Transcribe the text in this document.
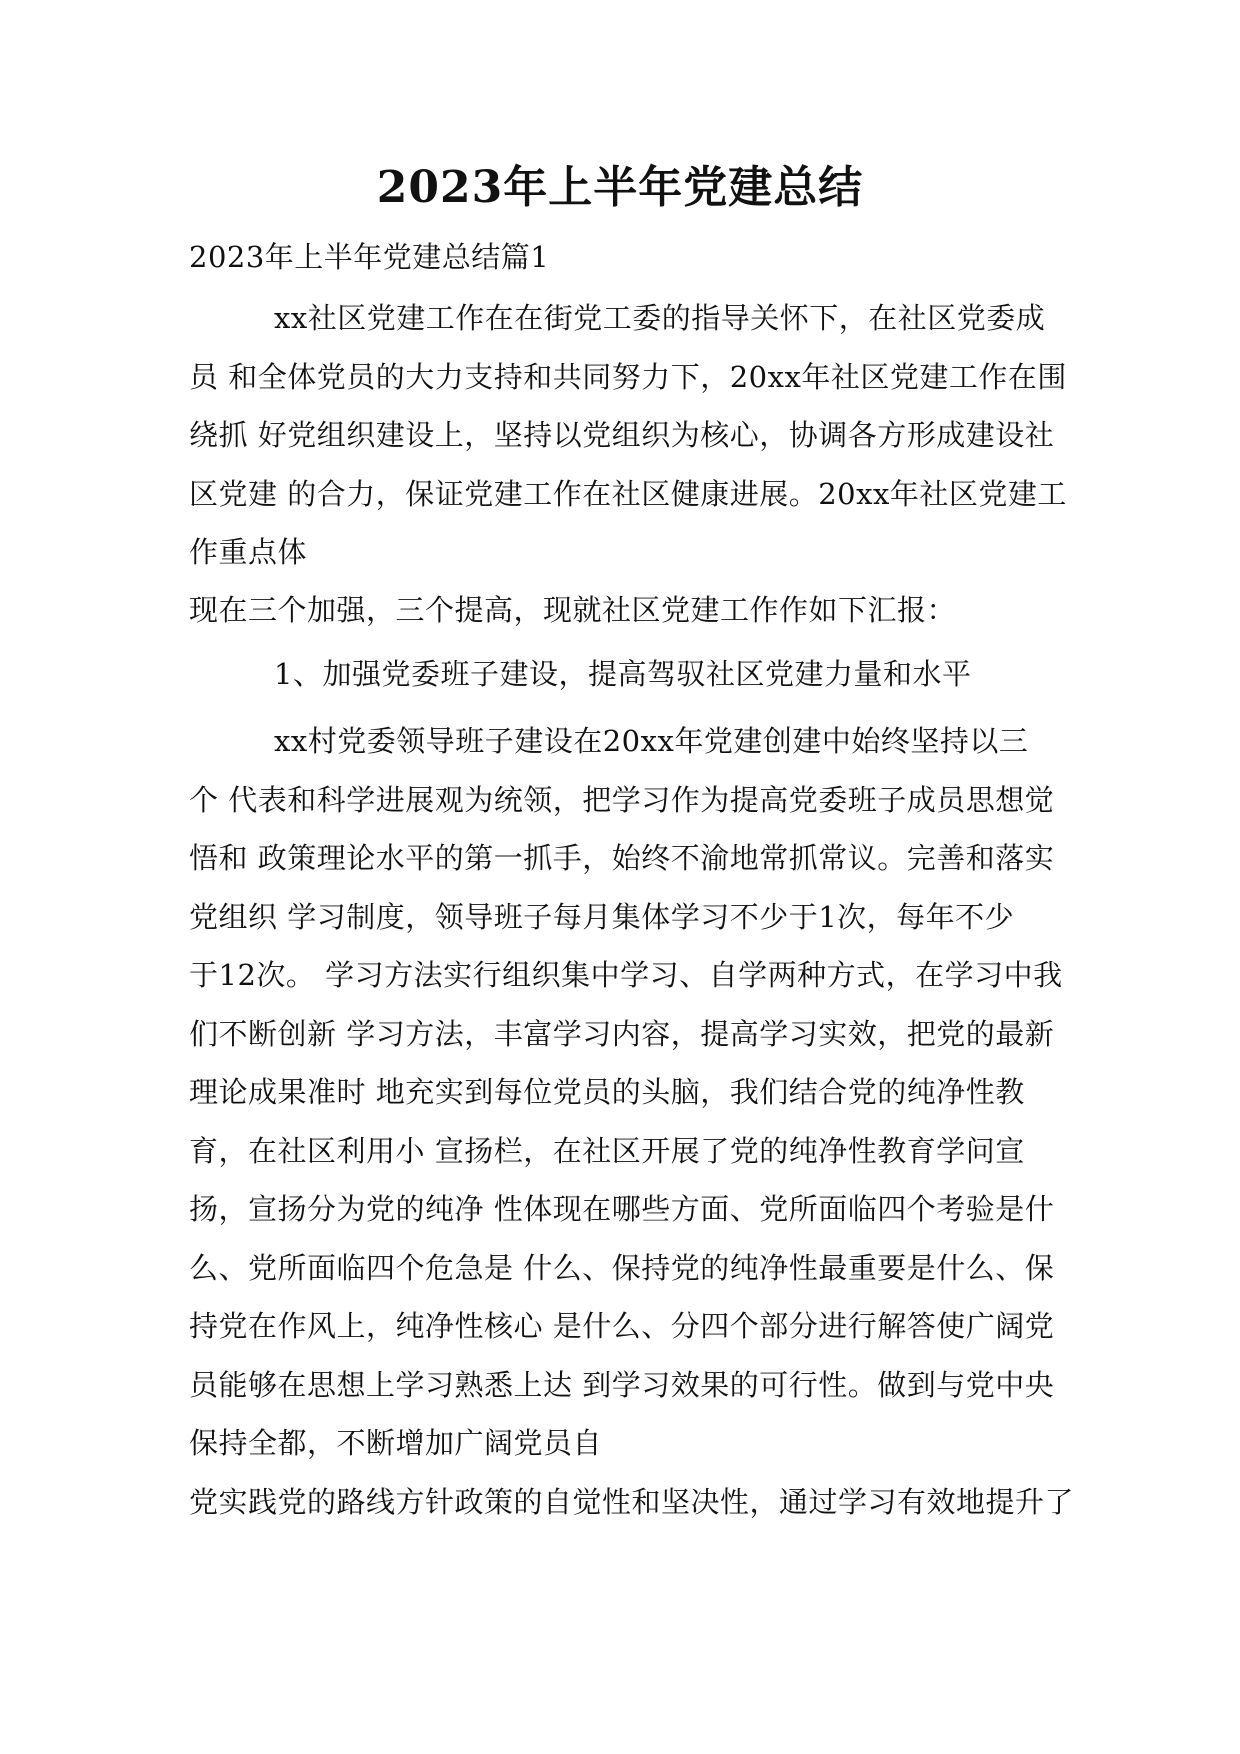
2023年上半年党建总结
2023年上半年党建总结篇1
xx社区党建工作在在街党工委的指导关怀下，在社区党委成
员 和全体党员的大力支持和共同努力下，20xx年社区党建工作在围
绕抓 好党组织建设上，坚持以党组织为核心，协调各方形成建设社
区党建 的合力，保证党建工作在社区健康进展。20xx年社区党建工
作重点体
现在三个加强，三个提高，现就社区党建工作作如下汇报：
1、加强党委班子建设，提高驾驭社区党建力量和水平
xx村党委领导班子建设在20xx年党建创建中始终坚持以三
个 代表和科学进展观为统领，把学习作为提高党委班子成员思想觉
悟和 政策理论水平的第一抓手，始终不渝地常抓常议。完善和落实
党组织 学习制度，领导班子每月集体学习不少于1次，每年不少
于12次。 学习方法实行组织集中学习、自学两种方式，在学习中我
们不断创新 学习方法，丰富学习内容，提高学习实效，把党的最新
理论成果准时 地充实到每位党员的头脑，我们结合党的纯净性教
育，在社区利用小 宣扬栏，在社区开展了党的纯净性教育学问宣
扬，宣扬分为党的纯净 性体现在哪些方面、党所面临四个考验是什
么、党所面临四个危急是 什么、保持党的纯净性最重要是什么、保
持党在作风上，纯净性核心 是什么、分四个部分进行解答使广阔党
员能够在思想上学习熟悉上达 到学习效果的可行性。做到与党中央
保持全都，不断增加广阔党员自
党实践党的路线方针政策的自觉性和坚决性，通过学习有效地提升了
